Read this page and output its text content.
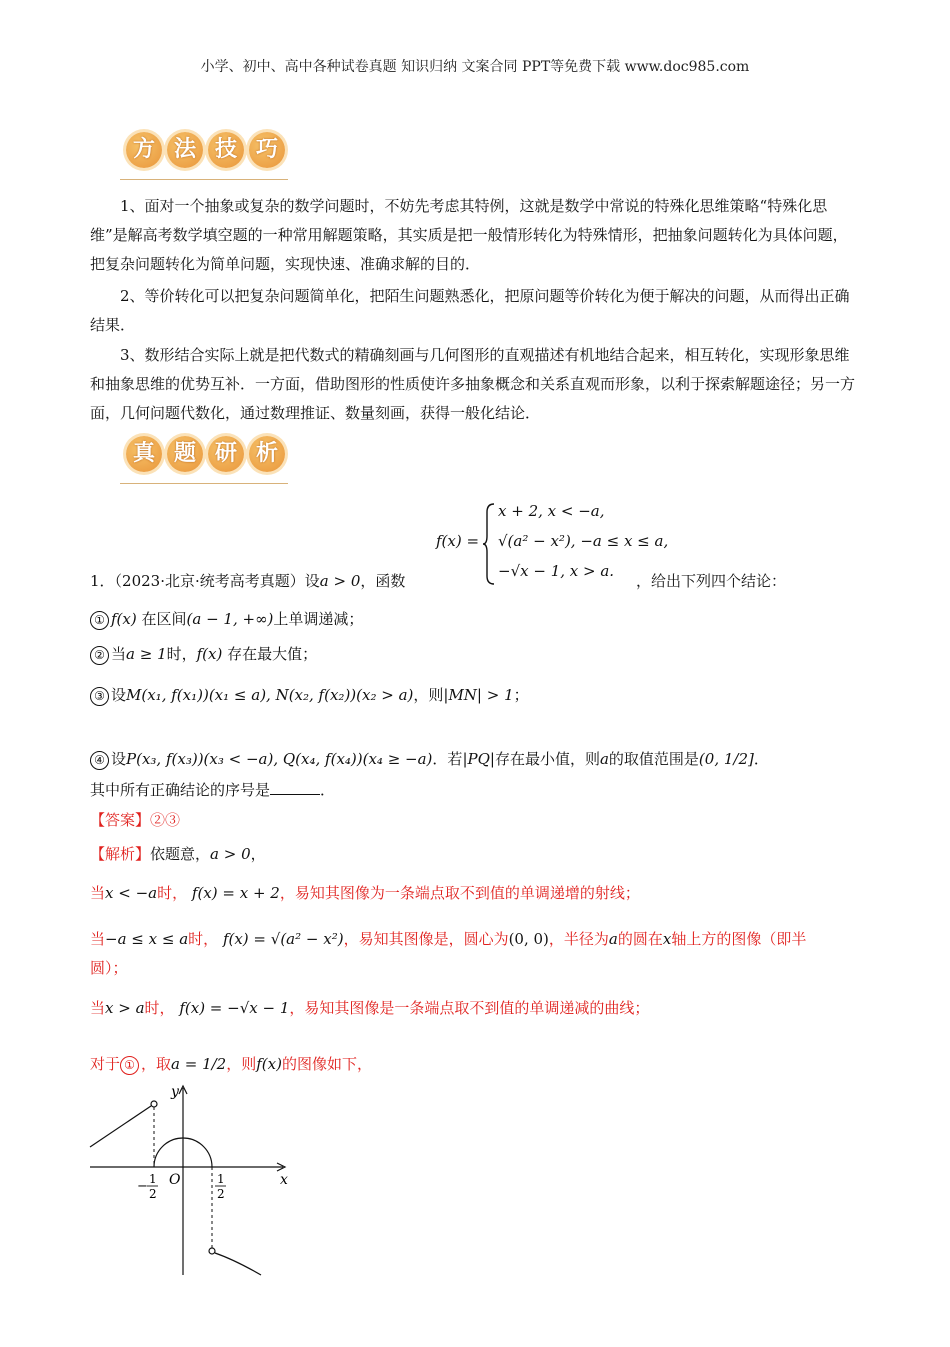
小学、初中、高中各种试卷真题 知识归纳 文案合同 PPT等免费下载 www.doc985.com
方 法 技 巧
1、面对一个抽象或复杂的数学问题时，不妨先考虑其特例，这就是数学中常说的特殊化思维策略“特殊化思维”是解高考数学填空题的一种常用解题策略，其实质是把一般情形转化为特殊情形，把抽象问题转化为具体问题，把复杂问题转化为简单问题，实现快速、准确求解的目的．
2、等价转化可以把复杂问题简单化，把陌生问题熟悉化，把原问题等价转化为便于解决的问题，从而得出正确结果．
3、数形结合实际上就是把代数式的精确刻画与几何图形的直观描述有机地结合起来，相互转化，实现形象思维和抽象思维的优势互补．一方面，借助图形的性质使许多抽象概念和关系直观而形象，以利于探索解题途径；另一方面，几何问题代数化，通过数理推证、数量刻画，获得一般化结论．
真 题 研 析
f(x) =
x + 2, x < −a,
√(a² − x²), −a ≤ x ≤ a,
−√x − 1, x > a.
1．（2023·北京·统考高考真题）设a > 0，函数	，给出下列四个结论：
① f(x) 在区间(a − 1, +∞)上单调递减；
② 当a ≥ 1时，f(x) 存在最大值；
③ 设M(x₁, f(x₁))(x₁ ≤ a), N(x₂, f(x₂))(x₂ > a)，则|MN| > 1；
④ 设P(x₃, f(x₃))(x₃ < −a), Q(x₄, f(x₄))(x₄ ≥ −a)．若|PQ|存在最小值，则a的取值范围是(0, 1/2]．
其中所有正确结论的序号是	．
【答案】②③
【解析】依题意，a > 0，
当x < −a时， f(x) = x + 2，易知其图像为一条端点取不到值的单调递增的射线；
当−a ≤ x ≤ a时， f(x) = √(a² − x²)，易知其图像是，圆心为(0, 0)，半径为a的圆在x轴上方的图像（即半
圆）；
当x > a时， f(x) = −√x − 1，易知其图像是一条端点取不到值的单调递减的曲线；
对于 ① ，取a = 1/2，则f(x)的图像如下，
y
x
O
− 1
2
1
2
